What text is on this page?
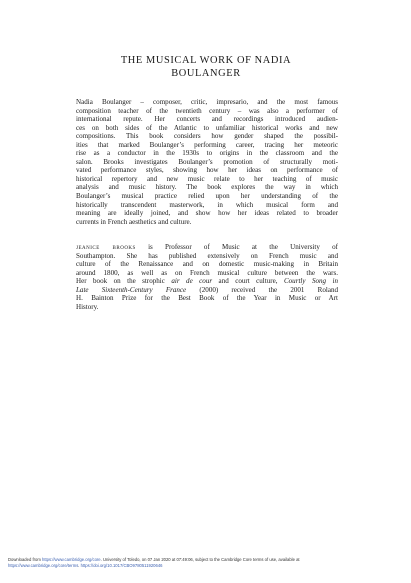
THE MUSICAL WORK OF NADIA
BOULANGER

Nadia Boulanger – composer, critic, impresario, and the most famous
composition teacher of the twentieth century – was also a performer of
international repute. Her concerts and recordings introduced audien-
ces on both sides of the Atlantic to unfamiliar historical works and new
compositions. This book considers how gender shaped the possibil-
ities that marked Boulanger’s performing career, tracing her meteoric
rise as a conductor in the 1930s to origins in the classroom and the
salon. Brooks investigates Boulanger’s promotion of structurally moti-
vated performance styles, showing how her ideas on performance of
historical repertory and new music relate to her teaching of music
analysis and music history. The book explores the way in which
Boulanger’s musical practice relied upon her understanding of the
historically transcendent masterwork, in which musical form and
meaning are ideally joined, and show how her ideas related to broader
currents in French aesthetics and culture.

jeanice brooks is Professor of Music at the University of
Southampton. She has published extensively on French music and
culture of the Renaissance and on domestic music-making in Britain
around 1800, as well as on French musical culture between the wars.
Her book on the strophic air de cour and court culture, Courtly Song in
Late Sixteenth-Century France (2000) received the 2001 Roland
H. Bainton Prize for the Best Book of the Year in Music or Art
History.

Downloaded from https://www.cambridge.org/core. University of Toledo, on 07 Jan 2020 at 07:49:06, subject to the Cambridge Core terms of use, available at
https://www.cambridge.org/core/terms. https://doi.org/10.1017/CBO9780511920646
